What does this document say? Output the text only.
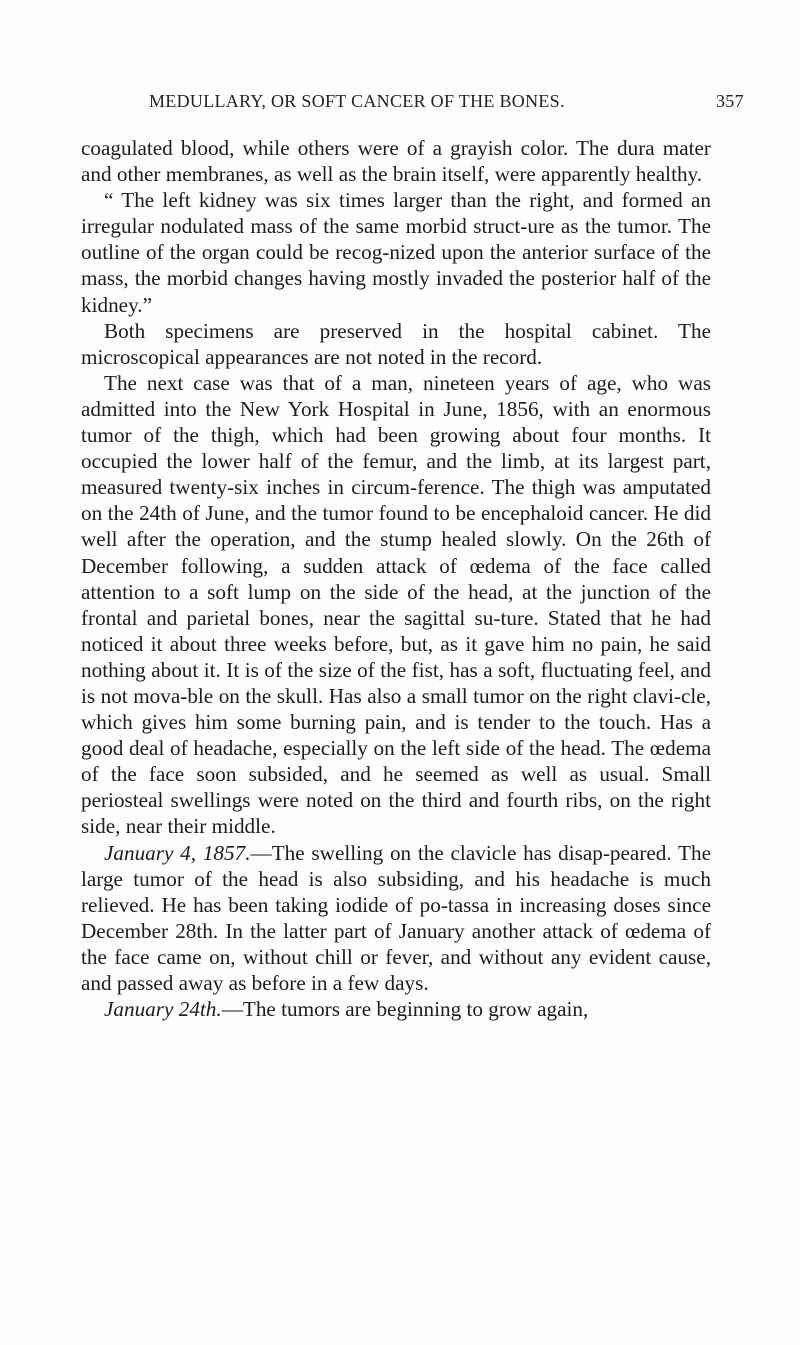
MEDULLARY, OR SOFT CANCER OF THE BONES.	357

coagulated blood, while others were of a grayish color. The dura mater and other membranes, as well as the brain itself, were apparently healthy.

“ The left kidney was six times larger than the right, and formed an irregular nodulated mass of the same morbid struct-ure as the tumor. The outline of the organ could be recog-nized upon the anterior surface of the mass, the morbid changes having mostly invaded the posterior half of the kidney.”

Both specimens are preserved in the hospital cabinet. The microscopical appearances are not noted in the record.

The next case was that of a man, nineteen years of age, who was admitted into the New York Hospital in June, 1856, with an enormous tumor of the thigh, which had been growing about four months. It occupied the lower half of the femur, and the limb, at its largest part, measured twenty-six inches in circum-ference. The thigh was amputated on the 24th of June, and the tumor found to be encephaloid cancer. He did well after the operation, and the stump healed slowly. On the 26th of December following, a sudden attack of œdema of the face called attention to a soft lump on the side of the head, at the junction of the frontal and parietal bones, near the sagittal su-ture. Stated that he had noticed it about three weeks before, but, as it gave him no pain, he said nothing about it. It is of the size of the fist, has a soft, fluctuating feel, and is not mova-ble on the skull. Has also a small tumor on the right clavi-cle, which gives him some burning pain, and is tender to the touch. Has a good deal of headache, especially on the left side of the head. The œdema of the face soon subsided, and he seemed as well as usual. Small periosteal swellings were noted on the third and fourth ribs, on the right side, near their middle.

January 4, 1857.—The swelling on the clavicle has disap-peared. The large tumor of the head is also subsiding, and his headache is much relieved. He has been taking iodide of po-tassa in increasing doses since December 28th. In the latter part of January another attack of œdema of the face came on, without chill or fever, and without any evident cause, and passed away as before in a few days.

January 24th.—The tumors are beginning to grow again,
